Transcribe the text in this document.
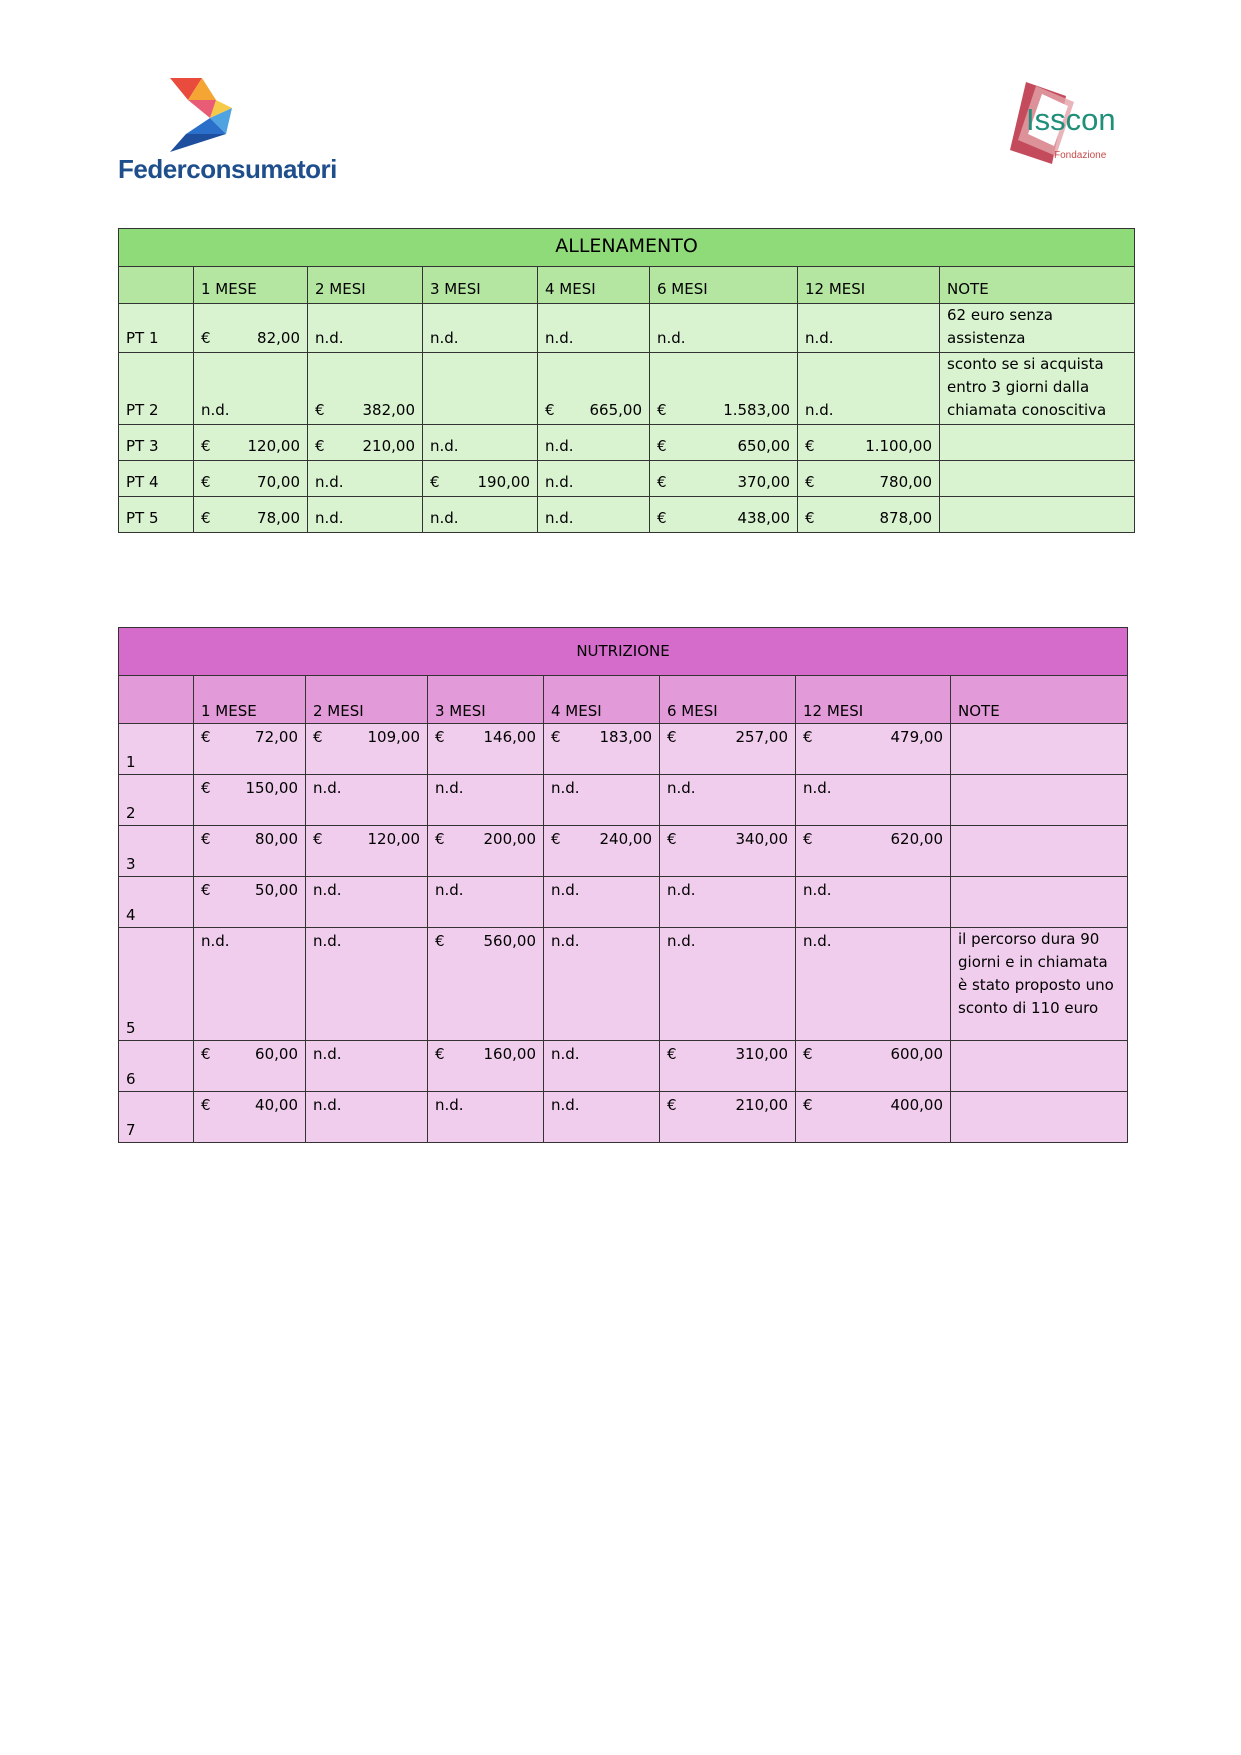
Federconsumatori
Isscon
Fondazione
ALLENAMENTO							
	1 MESE	2 MESI	3 MESI	4 MESI	6 MESI	12 MESI	NOTE
PT 1	€ 82,00	n.d.	n.d.	n.d.	n.d.	n.d.	62 euro senza assistenza
PT 2	n.d.	€ 382,00		€ 665,00	€ 1.583,00	n.d.	sconto se si acquista entro 3 giorni dalla chiamata conoscitiva
PT 3	€ 120,00	€ 210,00	n.d.	n.d.	€ 650,00	€ 1.100,00	

PT 4	€ 70,00	n.d.	€ 190,00	n.d.	€ 370,00	€ 780,00	

PT 5	€ 78,00	n.d.	n.d.	n.d.	€ 438,00	€ 878,00	

NUTRIZIONE							
	1 MESE	2 MESI	3 MESI	4 MESI	6 MESI	12 MESI	NOTE
1	€ 72,00	€ 109,00	€ 146,00	€ 183,00	€ 257,00	€ 479,00	

2	€ 150,00	n.d.	n.d.	n.d.	n.d.	n.d.	
3	€ 80,00	€ 120,00	€ 200,00	€ 240,00	€ 340,00	€ 620,00	

4	€ 50,00	n.d.	n.d.	n.d.	n.d.	n.d.	
5	n.d.	n.d.	€ 560,00	n.d.	n.d.	n.d.	il percorso dura 90 giorni e in chiamata è stato proposto uno sconto di 110 euro
6	€ 60,00	n.d.	€ 160,00	n.d.	€ 310,00	€ 600,00	

7	€ 40,00	n.d.	n.d.	n.d.	€ 210,00	€ 400,00	
